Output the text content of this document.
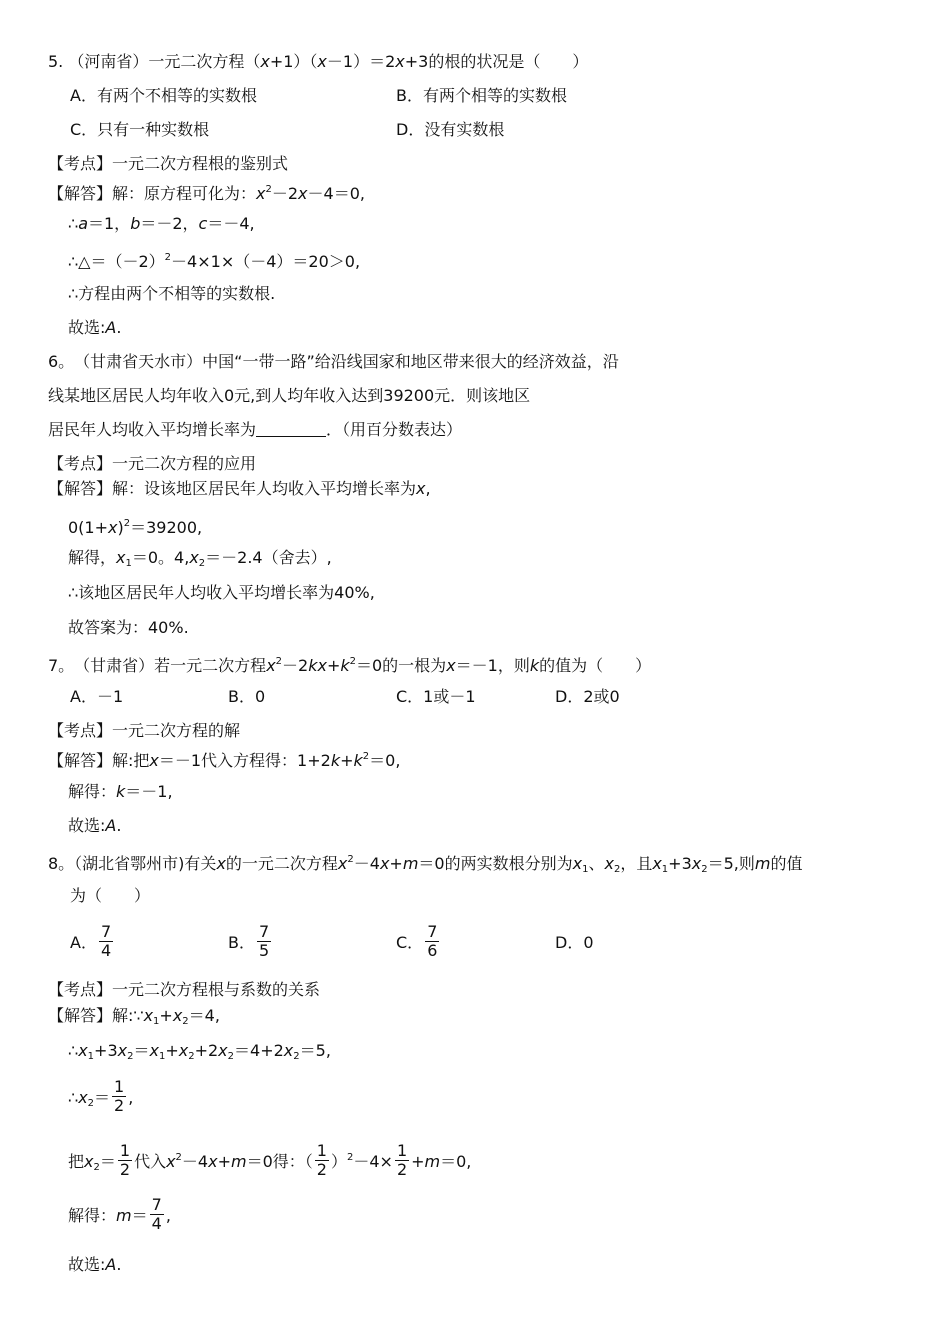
5. （河南省）一元二次方程（x+1）（x－1）＝2x+3的根的状况是（　　）
A．有两个不相等的实数根	B．有两个相等的实数根
C．只有一种实数根	D．没有实数根
【考点】一元二次方程根的鉴别式
【解答】解：原方程可化为：$x^2-2x-4=0$,
∴a＝1，b＝－2，c＝－4,
$\therefore\triangle=(-2)^2-4\times 1\times(-4)=20>0$,
∴方程由两个不相等的实数根.
故选:A.
6。　（甘肃省天水市）中国“一带一路”给沿线国家和地区带来很大的经济效益，沿
线某地区居民人均年收入0元,到人均年收入达到39200元．则该地区
居民年人均收入平均增长率为	．（用百分数表达）
【考点】一元二次方程的应用
【解答】解：设该地区居民年人均收入平均增长率为x,
$0(1+x)^2=39200$,
解得，$x_1=0$。$4,x_2=-2.4$（舍去）,
∴该地区居民年人均收入平均增长率为40%,
故答案为：40%.
7。　（甘肃省）若一元二次方程$x^2-2kx+k^2=0$的一根为x＝－1，则k的值为（　　）
A．－1	B．0	C．1或－1	D．2或0
【考点】一元二次方程的解
【解答】解:把x＝－1代入方程得：$1+2k+k^2=0$,
解得：k＝－1,
故选:A.
8。（湖北省鄂州市)有关x的一元二次方程$x^2-4x+m=0$的两实数根分别为$x_1$、$x_2$，且$x_1+3x_2=5$,则m的值
为（　　）
A． $\frac{7}{4}$	B． $\frac{7}{5}$	C． $\frac{7}{6}$	D．0
【考点】一元二次方程根与系数的关系
【解答】解$:\because x_1+x_2=4$,
$\therefore x_1+3x_2=x_1+x_2+2x_2=4+2x_2=5$,
$\therefore x_2= \frac{1}{2}$ ,
把$x_2= \frac{1}{2}$ 代入$x^2-4x+m=0$得：（ $\frac{1}{2} )^2-4\times \frac{1}{2} +m=0$,
解得：$m= \frac{7}{4}$ ,
故选:A.
